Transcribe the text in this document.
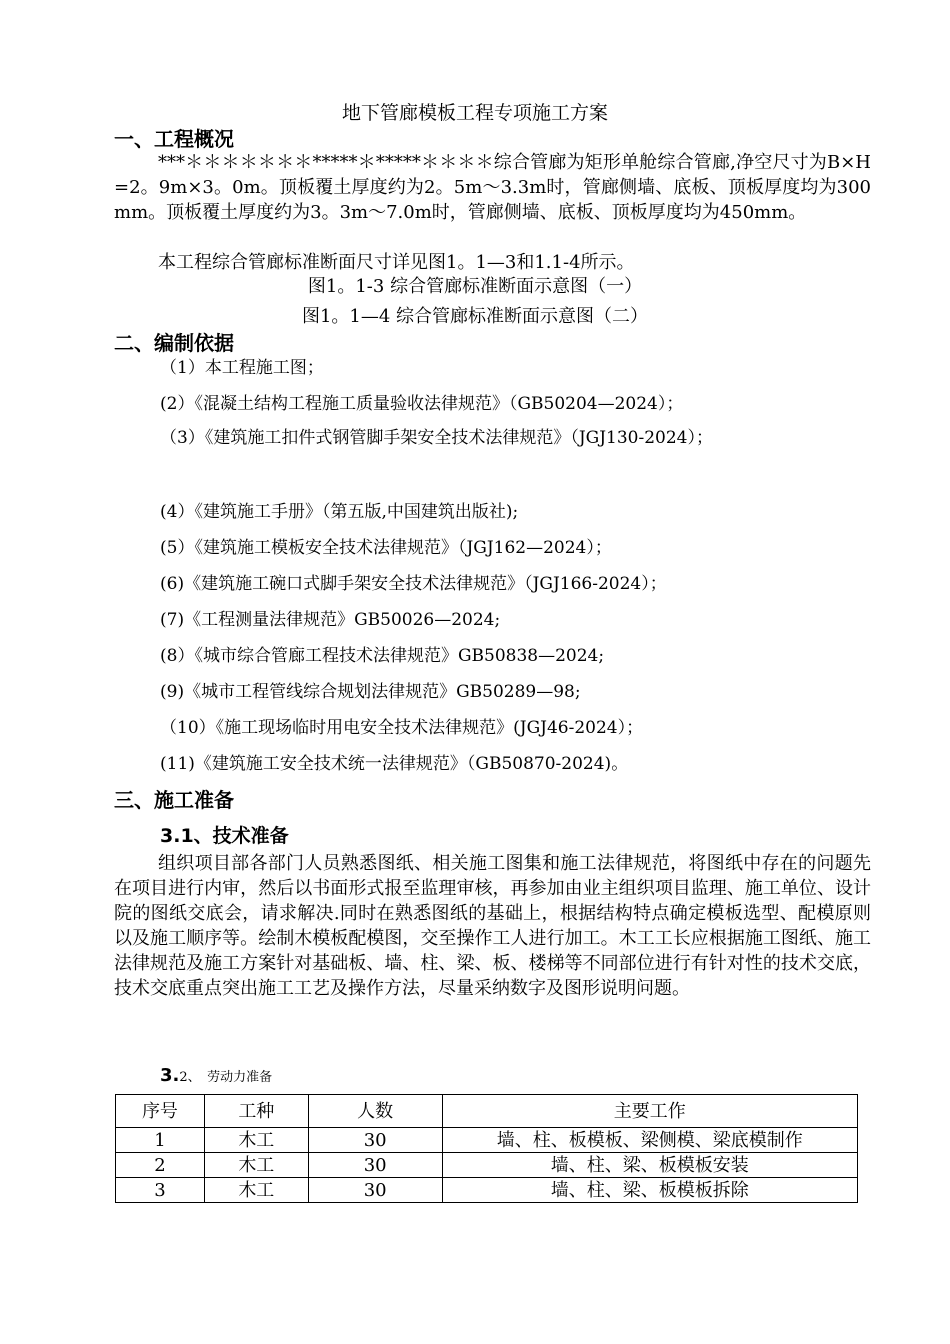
地下管廊模板工程专项施工方案
一、工程概况
***＊＊＊＊＊＊＊*****＊*****＊＊＊＊综合管廊为矩形单舱综合管廊,净空尺寸为B×H=2。9m×3。0m。顶板覆土厚度约为2。5m～3.3m时，管廊侧墙、底板、顶板厚度均为300mm。顶板覆土厚度约为3。3m～7.0m时，管廊侧墙、底板、顶板厚度均为450mm。
本工程综合管廊标准断面尺寸详见图1。1—3和1.1-4所示。
图1。1-3 综合管廊标准断面示意图（一）
图1。1—4 综合管廊标准断面示意图（二）
二、编制依据
（1）本工程施工图；
(2）《混凝土结构工程施工质量验收法律规范》（GB50204—2024）；
（3）《建筑施工扣件式钢管脚手架安全技术法律规范》（JGJ130-2024）；
(4）《建筑施工手册》（第五版,中国建筑出版社);
(5）《建筑施工模板安全技术法律规范》（JGJ162—2024）；
(6)《建筑施工碗口式脚手架安全技术法律规范》（JGJ166-2024）；
(7)《工程测量法律规范》GB50026—2024;
(8）《城市综合管廊工程技术法律规范》GB50838—2024;
(9)《城市工程管线综合规划法律规范》GB50289—98;
（10）《施工现场临时用电安全技术法律规范》(JGJ46-2024）；
(11)《建筑施工安全技术统一法律规范》（GB50870-2024)。
三、施工准备
3.1、技术准备
组织项目部各部门人员熟悉图纸、相关施工图集和施工法律规范，将图纸中存在的问题先在项目进行内审，然后以书面形式报至监理审核，再参加由业主组织项目监理、施工单位、设计院的图纸交底会，请求解决.同时在熟悉图纸的基础上，根据结构特点确定模板选型、配模原则以及施工顺序等。绘制木模板配模图，交至操作工人进行加工。木工工长应根据施工图纸、施工法律规范及施工方案针对基础板、墙、柱、梁、板、楼梯等不同部位进行有针对性的技术交底，技术交底重点突出施工工艺及操作方法，尽量采纳数字及图形说明问题。
3.2、　劳动力准备
序号	工种	人数	主要工作
1	木工	30	墙、柱、板模板、梁侧模、梁底模制作
2	木工	30	墙、柱、梁、板模板安装
3	木工	30	墙、柱、梁、板模板拆除
